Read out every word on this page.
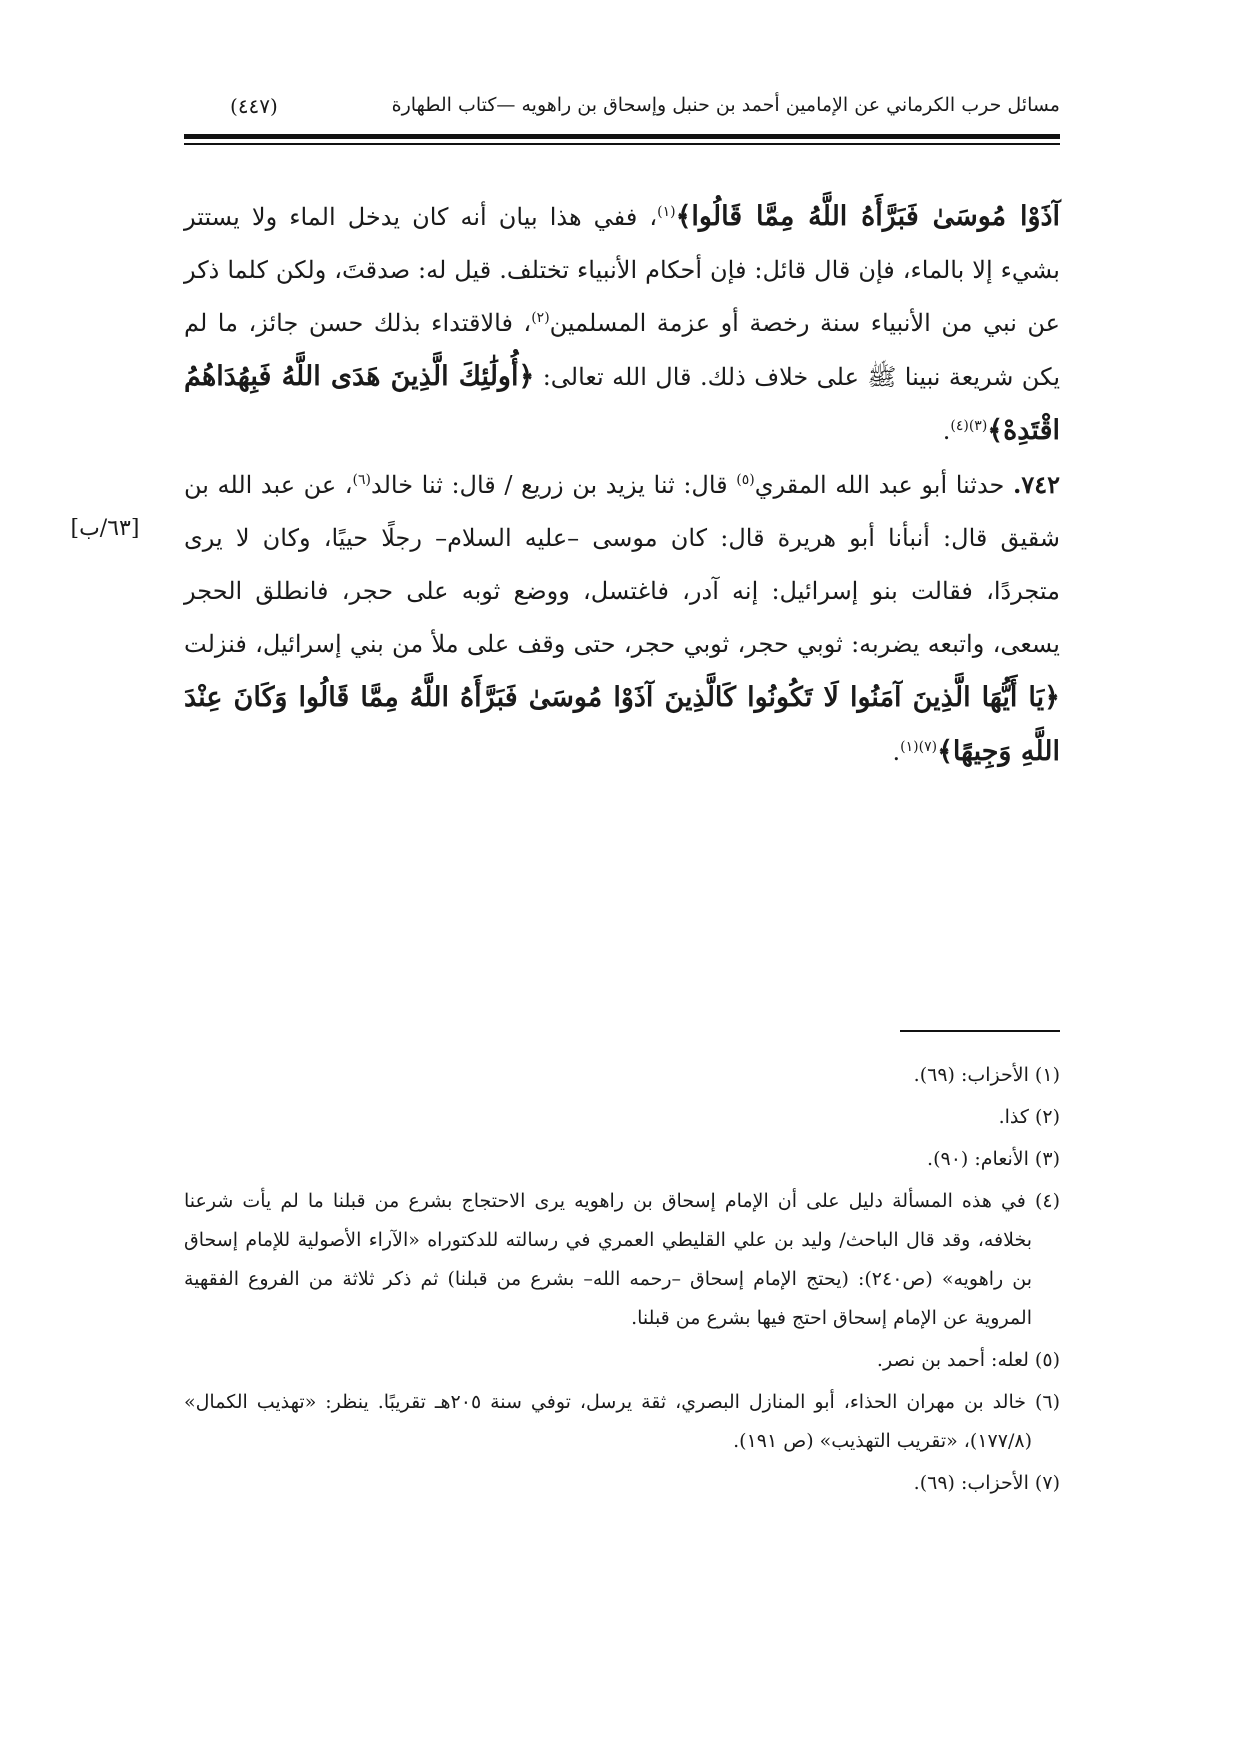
مسائل حرب الكرماني عن الإمامين أحمد بن حنبل وإسحاق بن راهويه —كتاب الطهارة
(٤٤٧)

آذَوْا مُوسَىٰ فَبَرَّأَهُ اللَّهُ مِمَّا قَالُوا﴾$^{(١)}$، ففي هذا بيان أنه كان يدخل الماء ولا يستتر بشيء إلا بالماء، فإن قال قائل: فإن أحكام الأنبياء تختلف. قيل له: صدقتَ، ولكن كلما ذكر عن نبي من الأنبياء سنة رخصة أو عزمة المسلمين$^{(٢)}$، فالاقتداء بذلك حسن جائز، ما لم يكن شريعة نبينا ﷺ على خلاف ذلك. قال الله تعالى: ﴿أُولَٰئِكَ الَّذِينَ هَدَى اللَّهُ فَبِهُدَاهُمُ اقْتَدِهْ﴾$^{(٣)(٤)}$.

٧٤٢. حدثنا أبو عبد الله المقري$^{(٥)}$ قال: ثنا يزيد بن زريع / قال: ثنا خالد$^{(٦)}$، عن عبد الله بن شقيق قال: أنبأنا أبو هريرة قال: كان موسى –عليه السلام– رجلًا حييًا، وكان لا يرى متجردًا، فقالت بنو إسرائيل: إنه آدر، فاغتسل، ووضع ثوبه على حجر، فانطلق الحجر يسعى، واتبعه يضربه: ثوبي حجر، ثوبي حجر، حتى وقف على ملأ من بني إسرائيل، فنزلت ﴿يَا أَيُّهَا الَّذِينَ آمَنُوا لَا تَكُونُوا كَالَّذِينَ آذَوْا مُوسَىٰ فَبَرَّأَهُ اللَّهُ مِمَّا قَالُوا وَكَانَ عِنْدَ اللَّهِ وَجِيهًا﴾$^{(٧)(١)}$.

[٦٣/ب]

(١) الأحزاب: (٦٩).

(٢) كذا.

(٣) الأنعام: (٩٠).

(٤) في هذه المسألة دليل على أن الإمام إسحاق بن راهويه يرى الاحتجاج بشرع من قبلنا ما لم يأت شرعنا بخلافه، وقد قال الباحث/ وليد بن علي القليطي العمري في رسالته للدكتوراه «الآراء الأصولية للإمام إسحاق بن راهويه» (ص٢٤٠): (يحتج الإمام إسحاق –رحمه الله– بشرع من قبلنا) ثم ذكر ثلاثة من الفروع الفقهية المروية عن الإمام إسحاق احتج فيها بشرع من قبلنا.

(٥) لعله: أحمد بن نصر.

(٦) خالد بن مهران الحذاء، أبو المنازل البصري، ثقة يرسل، توفي سنة ٢٠٥هـ تقريبًا. ينظر: «تهذيب الكمال» (١٧٧/٨)، «تقريب التهذيب» (ص ١٩١).

(٧) الأحزاب: (٦٩).
